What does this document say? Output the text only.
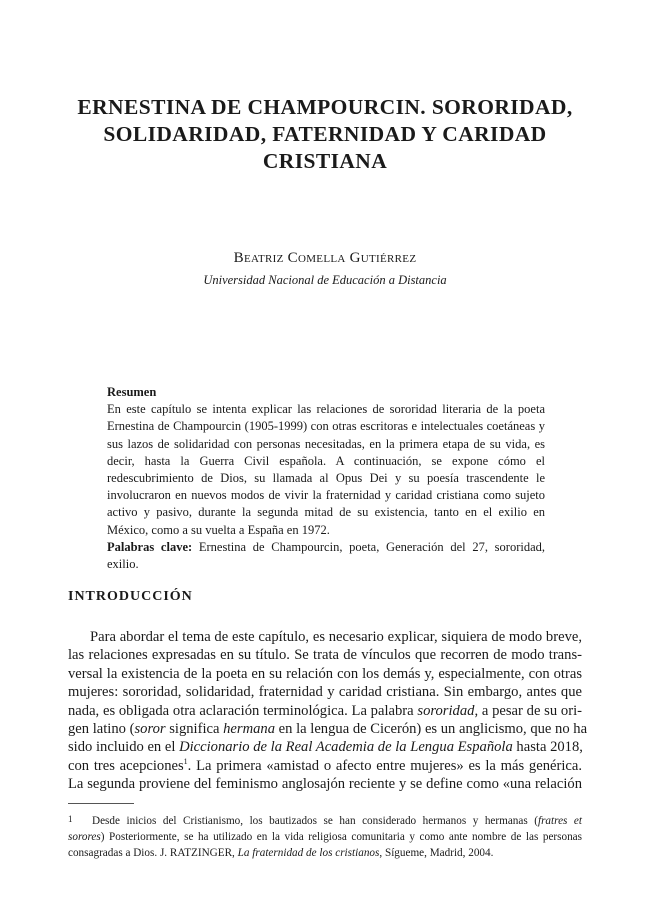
ERNESTINA DE CHAMPOURCIN. SORORIDAD,
SOLIDARIDAD, FATERNIDAD Y CARIDAD
CRISTIANA
Beatriz Comella Gutiérrez
Universidad Nacional de Educación a Distancia

Resumen

En este capítulo se intenta explicar las relaciones de sororidad literaria de la poeta Ernestina de Champourcin (1905-1999) con otras escritoras e intelectuales coetáneas y sus lazos de solidaridad con personas necesitadas, en la primera etapa de su vida, es decir, hasta la Guerra Civil española. A continuación, se expone cómo el redescubrimiento de Dios, su llamada al Opus Dei y su poesía trascendente le involucraron en nuevos modos de vivir la fraternidad y caridad cristiana como sujeto activo y pasivo, durante la segunda mitad de su existencia, tanto en el exilio en México, como a su vuelta a España en 1972.

Palabras clave: Ernestina de Champourcin, poeta, Generación del 27, sororidad, exilio.

INTRODUCCIÓN
Para abordar el tema de este capítulo, es necesario explicar, siquiera de modo breve,
las relaciones expresadas en su título. Se trata de vínculos que recorren de modo trans-
versal la existencia de la poeta en su relación con los demás y, especialmente, con otras
mujeres: sororidad, solidaridad, fraternidad y caridad cristiana. Sin embargo, antes que
nada, es obligada otra aclaración terminológica. La palabra sororidad, a pesar de su ori-
gen latino (soror significa hermana en la lengua de Cicerón) es un anglicismo, que no ha
sido incluido en el Diccionario de la Real Academia de la Lengua Española hasta 2018,
con tres acepciones$^1$. La primera «amistad o afecto entre mujeres» es la más genérica.
La segunda proviene del feminismo anglosajón reciente y se define como «una relación
1 Desde inicios del Cristianismo, los bautizados se han considerado hermanos y hermanas (fratres et
sorores) Posteriormente, se ha utilizado en la vida religiosa comunitaria y como ante nombre de las personas
consagradas a Dios. J. RATZINGER, La fraternidad de los cristianos, Sígueme, Madrid, 2004.
